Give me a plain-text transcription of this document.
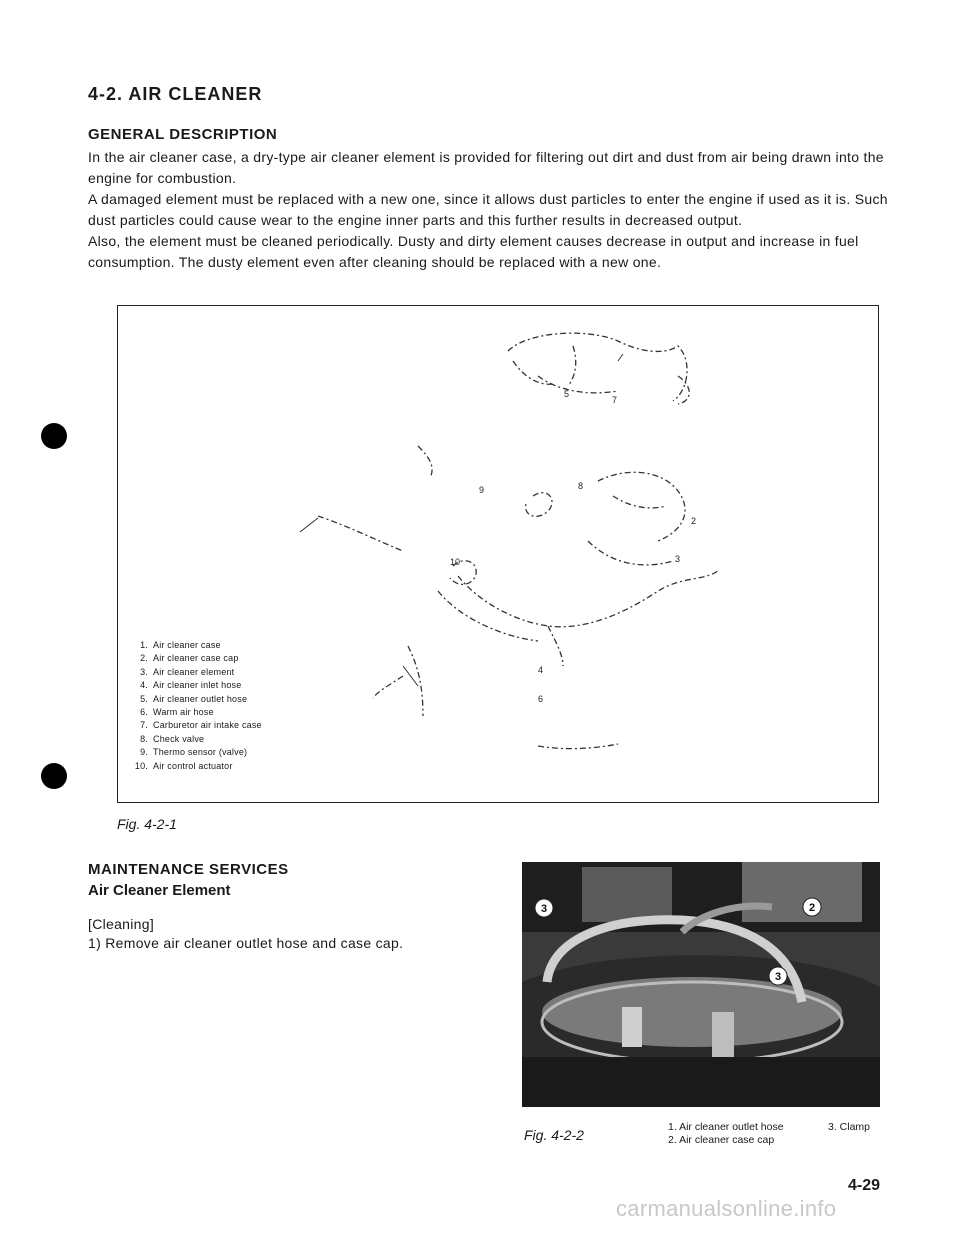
4-2. AIR CLEANER
GENERAL DESCRIPTION

In the air cleaner case, a dry-type air cleaner element is provided for filtering out dirt and dust from air being drawn into the engine for combustion.

A damaged element must be replaced with a new one, since it allows dust particles to enter the engine if used as it is. Such dust particles could cause wear to the engine inner parts and this further results in decreased output.

Also, the element must be cleaned periodically. Dusty and dirty element causes decrease in output and increase in fuel consumption. The dusty element even after cleaning should be replaced with a new one.

5
7
9	8
2
3
10
4
6
1. Air cleaner case
2. Air cleaner case cap
3. Air cleaner element
4. Air cleaner inlet hose
5. Air cleaner outlet hose
6. Warm air hose
7. Carburetor air intake case
8. Check valve
9. Thermo sensor (valve)
10. Air control actuator
Fig. 4-2-1
MAINTENANCE SERVICES
Air Cleaner Element
[Cleaning]
1) Remove air cleaner outlet hose and case cap.
3	2
3
Fig. 4-2-2	1. Air cleaner outlet hose
2. Air cleaner case cap
3. Clamp
4-29
carmanualsonline.info
